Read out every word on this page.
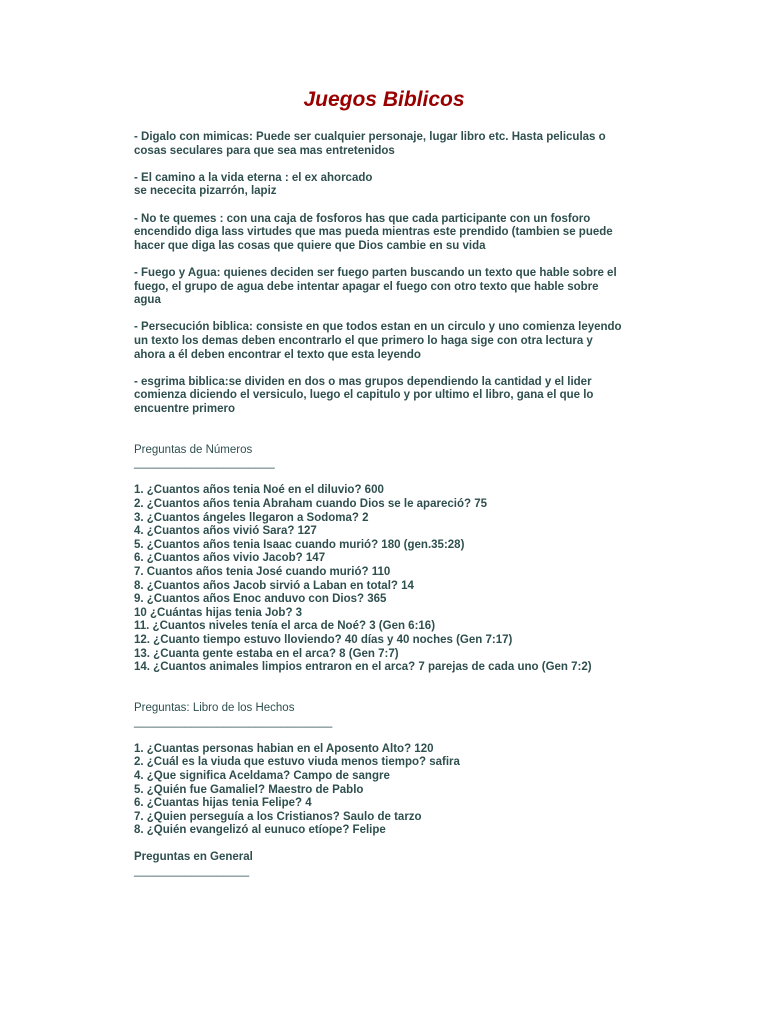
Juegos Biblicos

- Digalo con mimicas: Puede ser cualquier personaje, lugar libro etc. Hasta peliculas o

cosas seculares para que sea mas entretenidos

- El camino a la vida eterna : el ex ahorcado

se nececita pizarrón, lapiz

- No te quemes : con una caja de fosforos has que cada participante con un fosforo

encendido diga lass virtudes que mas pueda mientras este prendido (tambien se puede

hacer que diga las cosas que quiere que Dios cambie en su vida

- Fuego y Agua: quienes deciden ser fuego parten buscando un texto que hable sobre el

fuego, el grupo de agua debe intentar apagar el fuego con otro texto que hable sobre

agua

- Persecución biblica: consiste en que todos estan en un circulo y uno comienza leyendo

un texto los demas deben encontrarlo el que primero lo haga sige con otra lectura y

ahora a él deben encontrar el texto que esta leyendo

- esgrima biblica:se dividen en dos o mas grupos dependiendo la cantidad y el lider

comienza diciendo el versiculo, luego el capitulo y por ultimo el libro, gana el que lo

encuentre primero

Preguntas de Números

______________________

1. ¿Cuantos años tenia Noé en el diluvio? 600

2. ¿Cuantos años tenia Abraham cuando Dios se le apareció? 75

3. ¿Cuantos ángeles llegaron a Sodoma? 2

4. ¿Cuantos años vivió Sara? 127

5. ¿Cuantos años tenia Isaac cuando murió? 180 (gen.35:28)

6. ¿Cuantos años vivio Jacob? 147

7. Cuantos años tenia José cuando murió? 110

8. ¿Cuantos años Jacob sirvió a Laban en total? 14

9. ¿Cuantos años Enoc anduvo con Dios? 365

10 ¿Cuántas hijas tenia Job? 3

11. ¿Cuantos niveles tenía el arca de Noé? 3 (Gen 6:16)

12. ¿Cuanto tiempo estuvo lloviendo? 40 días y 40 noches (Gen 7:17)

13. ¿Cuanta gente estaba en el arca? 8 (Gen 7:7)

14. ¿Cuantos animales limpios entraron en el arca? 7 parejas de cada uno (Gen 7:2)

Preguntas: Libro de los Hechos

_______________________________

1. ¿Cuantas personas habian en el Aposento Alto? 120

2. ¿Cuál es la viuda que estuvo viuda menos tiempo? safira

4. ¿Que significa Aceldama? Campo de sangre

5. ¿Quién fue Gamaliel? Maestro de Pablo

6. ¿Cuantas hijas tenia Felipe? 4

7. ¿Quien perseguía a los Cristianos? Saulo de tarzo

8. ¿Quién evangelizó al eunuco etíope? Felipe

Preguntas en General

__________________
